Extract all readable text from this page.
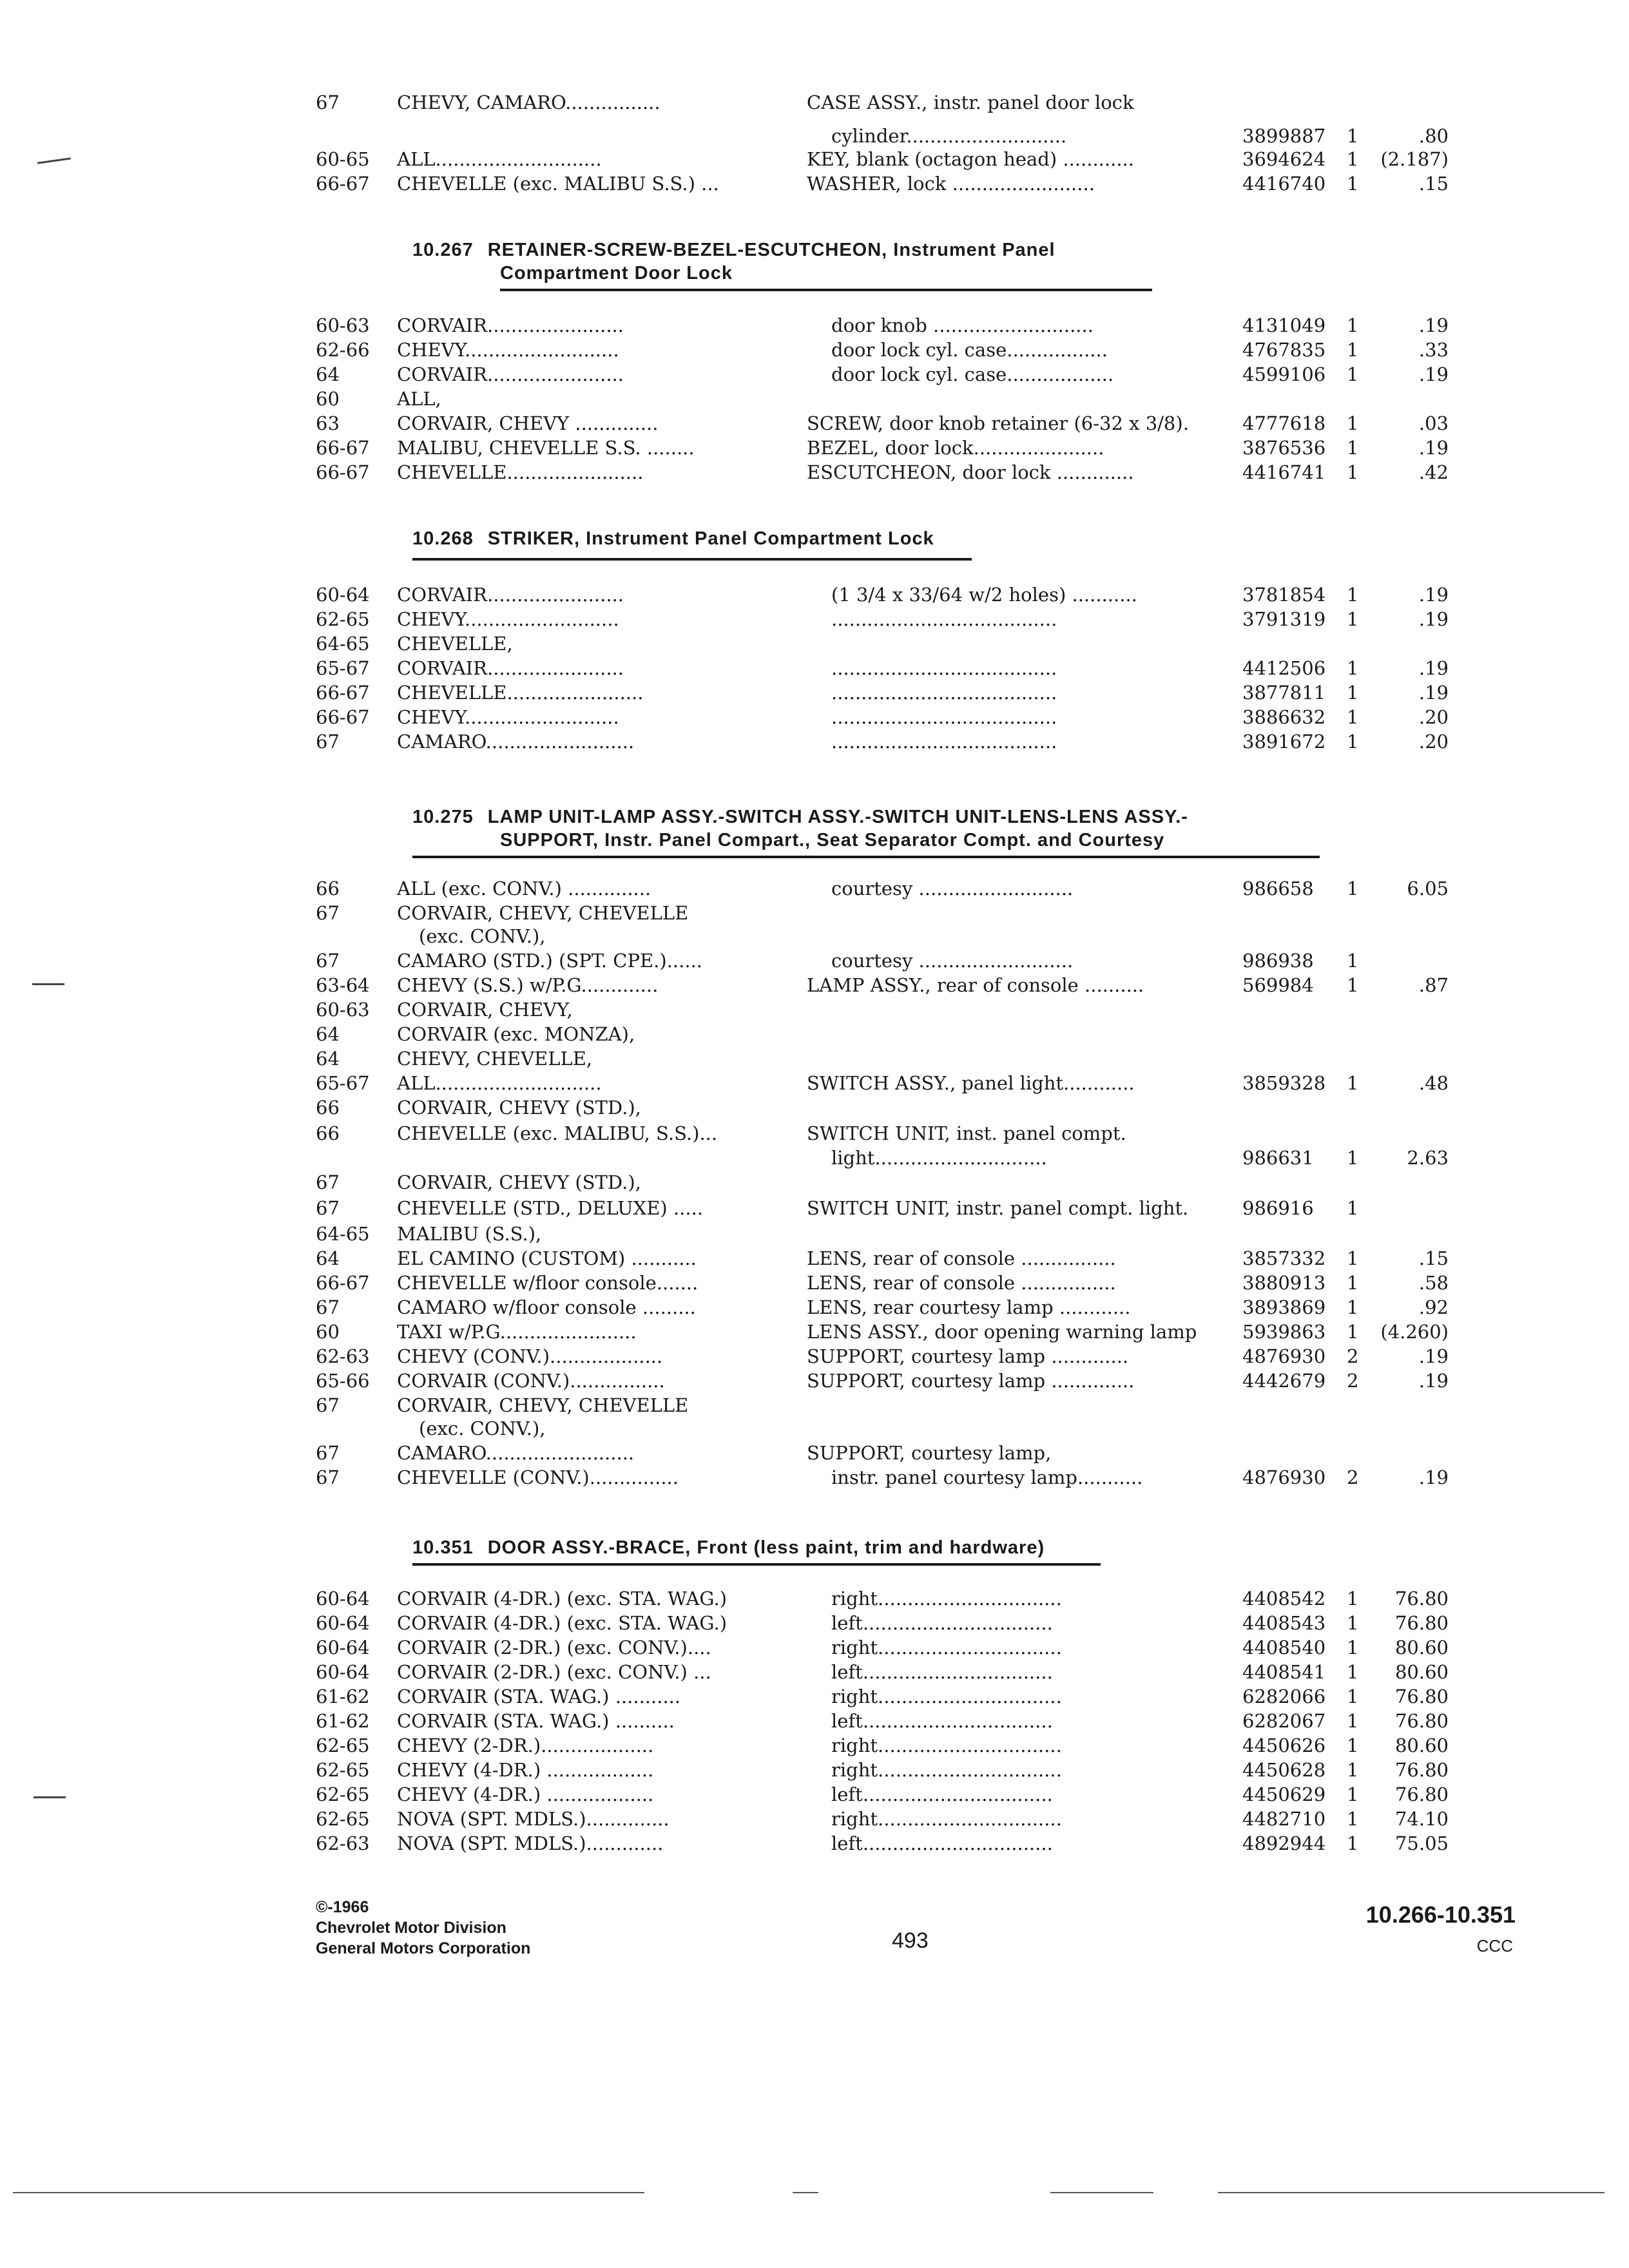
67	CHEVY, CAMARO................	CASE ASSY., instr. panel door lock
cylinder...........................	3899887 1	.80
60-65 ALL............................	KEY, blank (octagon head) ............	3694624 1 (2.187)
66-67 CHEVELLE (exc. MALIBU S.S.) ...	WASHER, lock ........................	4416740 1	.15
10.267 RETAINER-SCREW-BEZEL-ESCUTCHEON, Instrument Panel
Compartment Door Lock
60-63 CORVAIR.......................	door knob ...........................	4131049 1	.19
62-66 CHEVY..........................	door lock cyl. case.................	4767835 1	.33
64	CORVAIR.......................	door lock cyl. case..................	4599106 1	.19
60	ALL,
63	CORVAIR, CHEVY ..............	SCREW, door knob retainer (6-32 x 3/8).	4777618 1	.03
66-67 MALIBU, CHEVELLE S.S. ........	BEZEL, door lock......................	3876536 1	.19
66-67 CHEVELLE.......................	ESCUTCHEON, door lock .............	4416741 1	.42
10.268 STRIKER, Instrument Panel Compartment Lock
60-64 CORVAIR.......................	(1 3/4 x 33/64 w/2 holes) ...........	3781854 1	.19
62-65 CHEVY..........................	......................................	3791319 1	.19
64-65 CHEVELLE,
65-67 CORVAIR.......................	......................................	4412506 1	.19
66-67 CHEVELLE.......................	......................................	3877811 1	.19
66-67 CHEVY..........................	......................................	3886632 1	.20
67	CAMARO.........................	......................................	3891672 1	.20
10.275 LAMP UNIT-LAMP ASSY.-SWITCH ASSY.-SWITCH UNIT-LENS-LENS ASSY.-
SUPPORT, Instr. Panel Compart., Seat Separator Compt. and Courtesy
66	ALL (exc. CONV.) ..............	courtesy ..........................	986658 1	6.05
67	CORVAIR, CHEVY, CHEVELLE
(exc. CONV.),
67	CAMARO (STD.) (SPT. CPE.)......	courtesy ..........................	986938 1
63-64 CHEVY (S.S.) w/P.G.............	LAMP ASSY., rear of console ..........	569984 1	.87
60-63 CORVAIR, CHEVY,
64	CORVAIR (exc. MONZA),
64	CHEVY, CHEVELLE,
65-67 ALL............................	SWITCH ASSY., panel light............	3859328 1	.48
66	CORVAIR, CHEVY (STD.),
66	CHEVELLE (exc. MALIBU, S.S.)...	SWITCH UNIT, inst. panel compt.
light.............................	986631 1	2.63
67	CORVAIR, CHEVY (STD.),
67	CHEVELLE (STD., DELUXE) .....	SWITCH UNIT, instr. panel compt. light.	986916 1
64-65 MALIBU (S.S.),
64	EL CAMINO (CUSTOM) ...........	LENS, rear of console ................	3857332 1	.15
66-67 CHEVELLE w/floor console.......	LENS, rear of console ................	3880913 1	.58
67	CAMARO w/floor console .........	LENS, rear courtesy lamp ............	3893869 1	.92
60	TAXI w/P.G.......................	LENS ASSY., door opening warning lamp 5939863 1 (4.260)
62-63 CHEVY (CONV.)...................	SUPPORT, courtesy lamp .............	4876930 2	.19
65-66 CORVAIR (CONV.)................	SUPPORT, courtesy lamp ..............	4442679 2	.19
67	CORVAIR, CHEVY, CHEVELLE
(exc. CONV.),
67	CAMARO.........................	SUPPORT, courtesy lamp,
67	CHEVELLE (CONV.)...............	instr. panel courtesy lamp...........	4876930 2	.19
10.351 DOOR ASSY.-BRACE, Front (less paint, trim and hardware)
60-64 CORVAIR (4-DR.) (exc. STA. WAG.)	right...............................	4408542 1 76.80
60-64 CORVAIR (4-DR.) (exc. STA. WAG.)	left................................	4408543 1 76.80
60-64 CORVAIR (2-DR.) (exc. CONV.)....	right...............................	4408540 1 80.60
60-64 CORVAIR (2-DR.) (exc. CONV.) ...	left................................	4408541 1 80.60
61-62 CORVAIR (STA. WAG.) ...........	right...............................	6282066 1 76.80
61-62 CORVAIR (STA. WAG.) ..........	left................................	6282067 1 76.80
62-65 CHEVY (2-DR.)...................	right...............................	4450626 1 80.60
62-65 CHEVY (4-DR.) ..................	right...............................	4450628 1 76.80
62-65 CHEVY (4-DR.) ..................	left................................	4450629 1 76.80
62-65 NOVA (SPT. MDLS.)..............	right...............................	4482710 1 74.10
62-63 NOVA (SPT. MDLS.).............	left................................	4892944 1 75.05
©-1966
Chevrolet Motor Division
General Motors Corporation	493
10.266-10.351
CCC
